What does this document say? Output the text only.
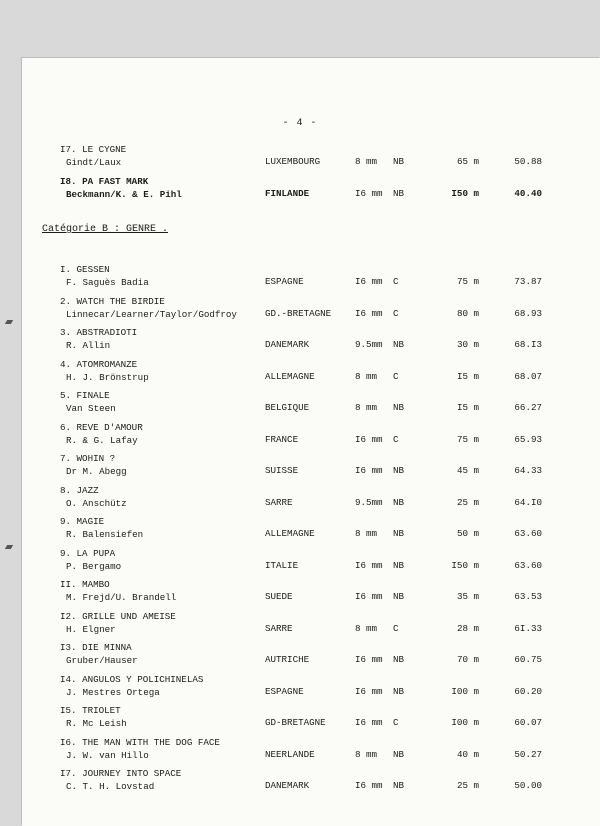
- 4 -
I7. LE CYGNE
Gindt/Laux	LUXEMBOURG	8 mm NB	65 m	50.88
I8. PA FAST MARK
Beckmann/K. & E. Pihl	FINLANDE	I6 mm NB	I50 m	40.40
Catégorie B : GENRE .
I. GESSEN
F. Saguès Badia	ESPAGNE	I6 mm C	75 m	73.87
2. WATCH THE BIRDIE
Linnecar/Learner/Taylor/Godfroy	GD.-BRETAGNE	I6 mm C	80 m	68.93
3. ABSTRADIOTI
R. Allin	DANEMARK	9.5mm NB	30 m	68.I3
4. ATOMROMANZE
H. J. Brönstrup	ALLEMAGNE	8 mm C	I5 m	68.07
5. FINALE
Van Steen	BELGIQUE	8 mm NB	I5 m	66.27
6. REVE D'AMOUR
R. & G. Lafay	FRANCE	I6 mm C	75 m	65.93
7. WOHIN ?
Dr M. Abegg	SUISSE	I6 mm NB	45 m	64.33
8. JAZZ
O. Anschütz	SARRE	9.5mm NB	25 m	64.I0
9. MAGIE
R. Balensiefen	ALLEMAGNE	8 mm NB	50 m	63.60
9. LA PUPA
P. Bergamo	ITALIE	I6 mm NB	I50 m	63.60
II. MAMBO
M. Frejd/U. Brandell	SUEDE	I6 mm NB	35 m	63.53
I2. GRILLE UND AMEISE
H. Elgner	SARRE	8 mm C	28 m	6I.33
I3. DIE MINNA
Gruber/Hauser	AUTRICHE	I6 mm NB	70 m	60.75
I4. ANGULOS Y POLICHINELAS
J. Mestres Ortega	ESPAGNE	I6 mm NB	I00 m	60.20
I5. TRIOLET
R. Mc Leish	GD-BRETAGNE	I6 mm C	I00 m	60.07
I6. THE MAN WITH THE DOG FACE
J. W. van Hillo	NEERLANDE	8 mm NB	40 m	50.27
I7. JOURNEY INTO SPACE
C. T. H. Lovstad	DANEMARK	I6 mm NB	25 m	50.00
